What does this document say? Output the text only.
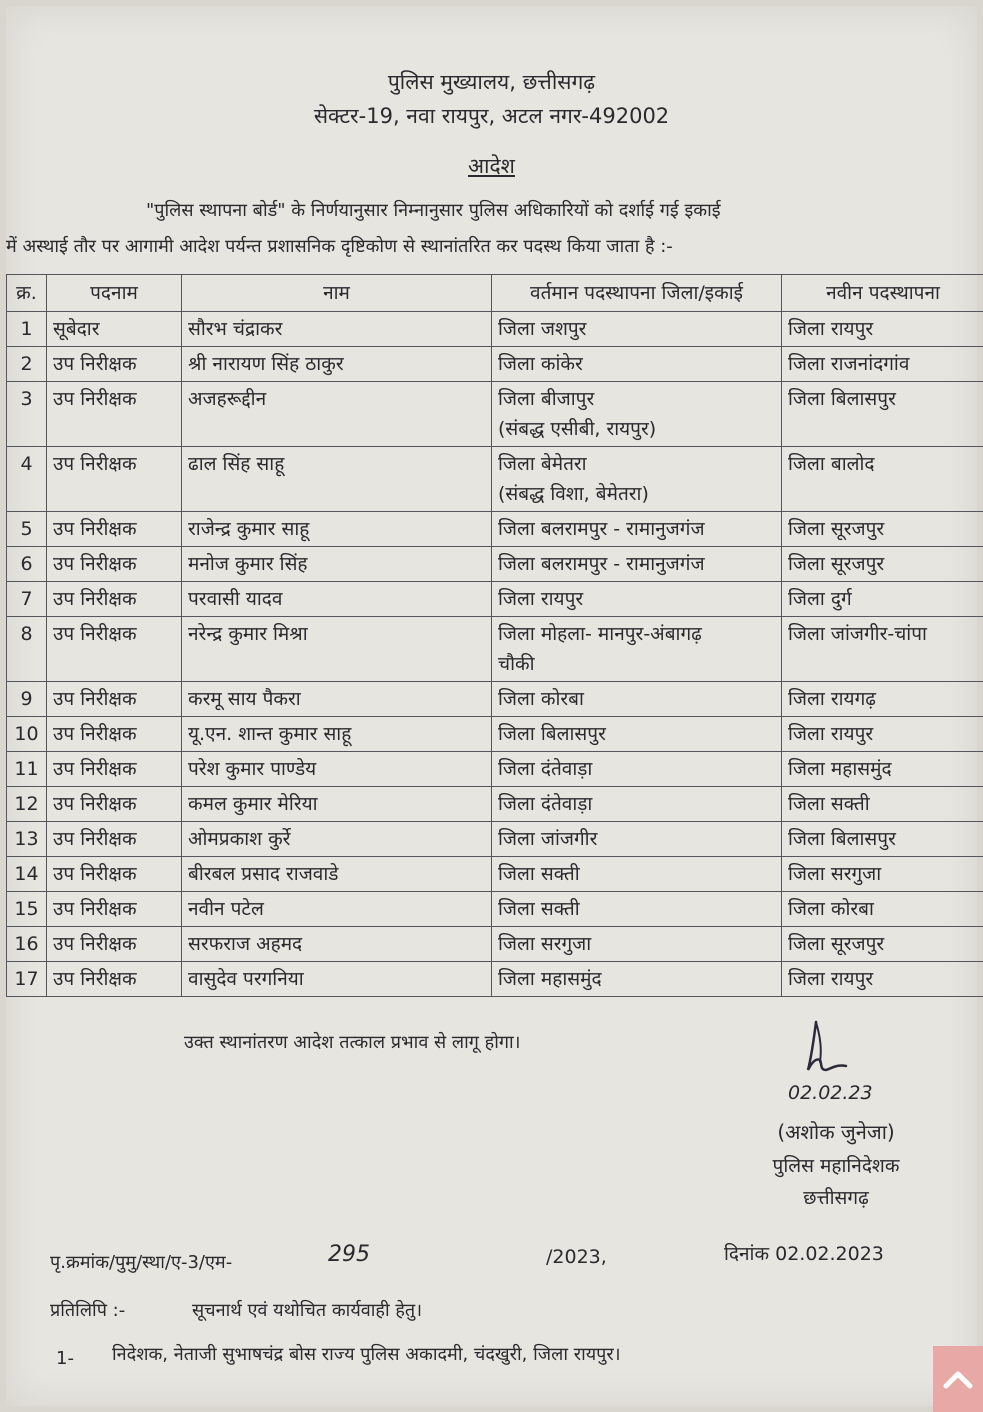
पुलिस मुख्यालय, छत्तीसगढ़
सेक्टर-19, नवा रायपुर, अटल नगर-492002
आदेश
"पुलिस स्थापना बोर्ड" के निर्णयानुसार निम्नानुसार पुलिस अधिकारियों को दर्शाई गई इकाई
में अस्थाई तौर पर आगामी आदेश पर्यन्त प्रशासनिक दृष्टिकोण से स्थानांतरित कर पदस्थ किया जाता है :-
क्र.	पदनाम	नाम	वर्तमान पदस्थापना जिला/इकाई	नवीन पदस्थापना
1	सूबेदार	सौरभ चंद्राकर	जिला जशपुर	जिला रायपुर
2	उप निरीक्षक	श्री नारायण सिंह ठाकुर	जिला कांकेर	जिला राजनांदगांव
3	उप निरीक्षक	अजहरूद्दीन	जिला बीजापुर
(संबद्ध एसीबी, रायपुर)	जिला बिलासपुर
4	उप निरीक्षक	ढाल सिंह साहू	जिला बेमेतरा
(संबद्ध विशा, बेमेतरा)	जिला बालोद
5	उप निरीक्षक	राजेन्द्र कुमार साहू	जिला बलरामपुर - रामानुजगंज	जिला सूरजपुर
6	उप निरीक्षक	मनोज कुमार सिंह	जिला बलरामपुर - रामानुजगंज	जिला सूरजपुर
7	उप निरीक्षक	परवासी यादव	जिला रायपुर	जिला दुर्ग
8	उप निरीक्षक	नरेन्द्र कुमार मिश्रा	जिला मोहला- मानपुर-अंबागढ़
चौकी	जिला जांजगीर-चांपा
9	उप निरीक्षक	करमू साय पैकरा	जिला कोरबा	जिला रायगढ़
10	उप निरीक्षक	यू.एन. शान्त कुमार साहू	जिला बिलासपुर	जिला रायपुर
11	उप निरीक्षक	परेश कुमार पाण्डेय	जिला दंतेवाड़ा	जिला महासमुंद
12	उप निरीक्षक	कमल कुमार मेरिया	जिला दंतेवाड़ा	जिला सक्ती
13	उप निरीक्षक	ओमप्रकाश कुर्रे	जिला जांजगीर	जिला बिलासपुर
14	उप निरीक्षक	बीरबल प्रसाद राजवाडे	जिला सक्ती	जिला सरगुजा
15	उप निरीक्षक	नवीन पटेल	जिला सक्ती	जिला कोरबा
16	उप निरीक्षक	सरफराज अहमद	जिला सरगुजा	जिला सूरजपुर
17	उप निरीक्षक	वासुदेव परगनिया	जिला महासमुंद	जिला रायपुर
उक्त स्थानांतरण आदेश तत्काल प्रभाव से लागू होगा।
02.02.23
(अशोक जुनेजा)
पुलिस महानिदेशक
छत्तीसगढ़
पृ.क्रमांक/पुमु/स्था/ए-3/एम-	295	/2023,	दिनांक 02.02.2023
प्रतिलिपि :-	सूचनार्थ एवं यथोचित कार्यवाही हेतु।
1- निदेशक, नेताजी सुभाषचंद्र बोस राज्य पुलिस अकादमी, चंदखुरी, जिला रायपुर।
